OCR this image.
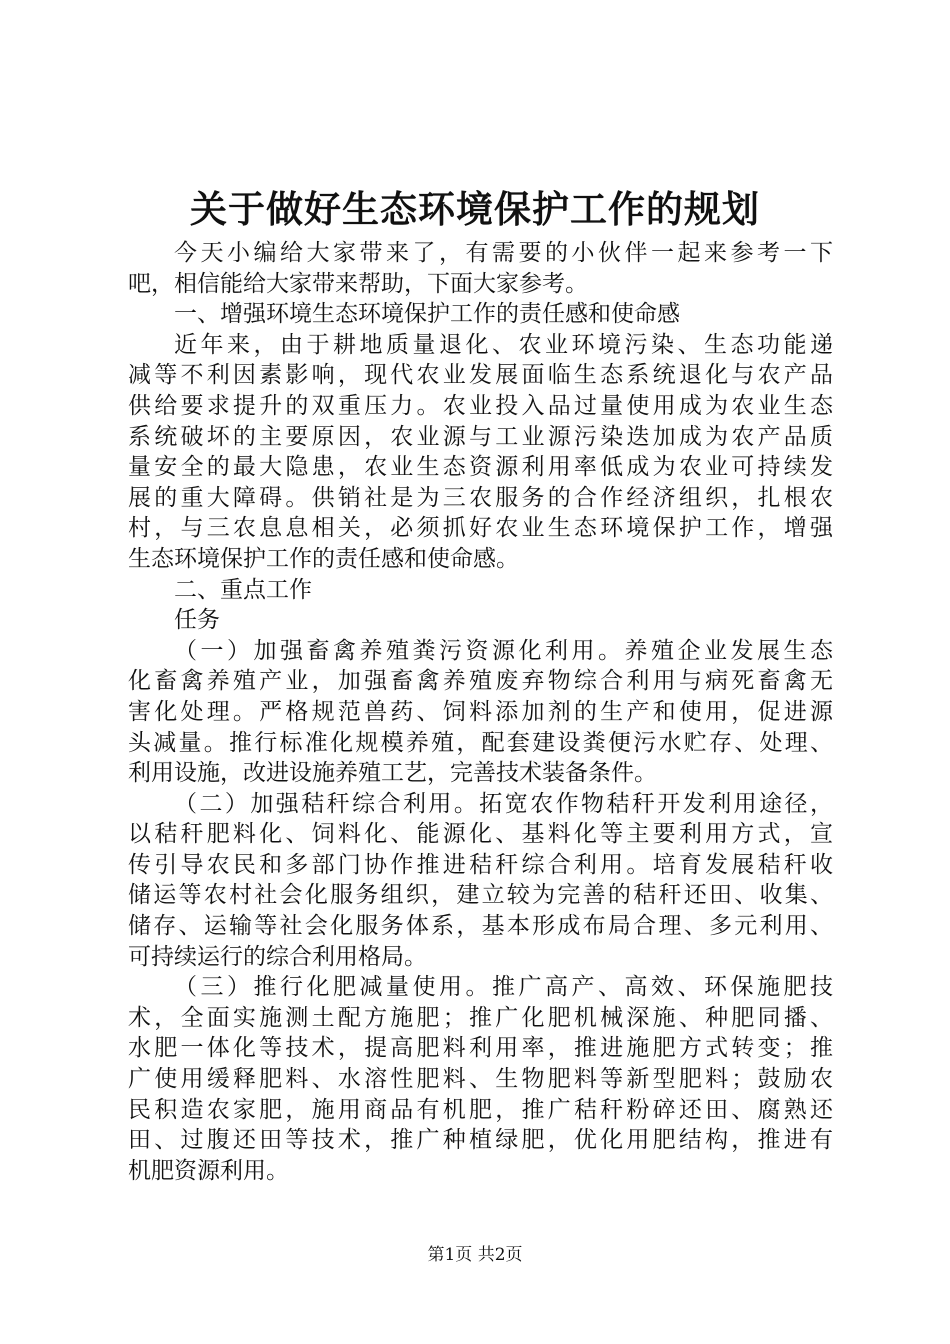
关于做好生态环境保护工作的规划
今天小编给大家带来了，有需要的小伙伴一起来参考一下
吧，相信能给大家带来帮助，下面大家参考。
一、增强环境生态环境保护工作的责任感和使命感
近年来，由于耕地质量退化、农业环境污染、生态功能递
减等不利因素影响，现代农业发展面临生态系统退化与农产品
供给要求提升的双重压力。农业投入品过量使用成为农业生态
系统破坏的主要原因，农业源与工业源污染迭加成为农产品质
量安全的最大隐患，农业生态资源利用率低成为农业可持续发
展的重大障碍。供销社是为三农服务的合作经济组织，扎根农
村，与三农息息相关，必须抓好农业生态环境保护工作，增强
生态环境保护工作的责任感和使命感。
二、重点工作
任务
（一）加强畜禽养殖粪污资源化利用。养殖企业发展生态
化畜禽养殖产业，加强畜禽养殖废弃物综合利用与病死畜禽无
害化处理。严格规范兽药、饲料添加剂的生产和使用，促进源
头减量。推行标准化规模养殖，配套建设粪便污水贮存、处理、
利用设施，改进设施养殖工艺，完善技术装备条件。
（二）加强秸秆综合利用。拓宽农作物秸秆开发利用途径，
以秸秆肥料化、饲料化、能源化、基料化等主要利用方式，宣
传引导农民和多部门协作推进秸秆综合利用。培育发展秸秆收
储运等农村社会化服务组织，建立较为完善的秸秆还田、收集、
储存、运输等社会化服务体系，基本形成布局合理、多元利用、
可持续运行的综合利用格局。
（三）推行化肥减量使用。推广高产、高效、环保施肥技
术，全面实施测土配方施肥；推广化肥机械深施、种肥同播、
水肥一体化等技术，提高肥料利用率，推进施肥方式转变；推
广使用缓释肥料、水溶性肥料、生物肥料等新型肥料；鼓励农
民积造农家肥，施用商品有机肥，推广秸秆粉碎还田、腐熟还
田、过腹还田等技术，推广种植绿肥，优化用肥结构，推进有
机肥资源利用。
第1页 共2页
